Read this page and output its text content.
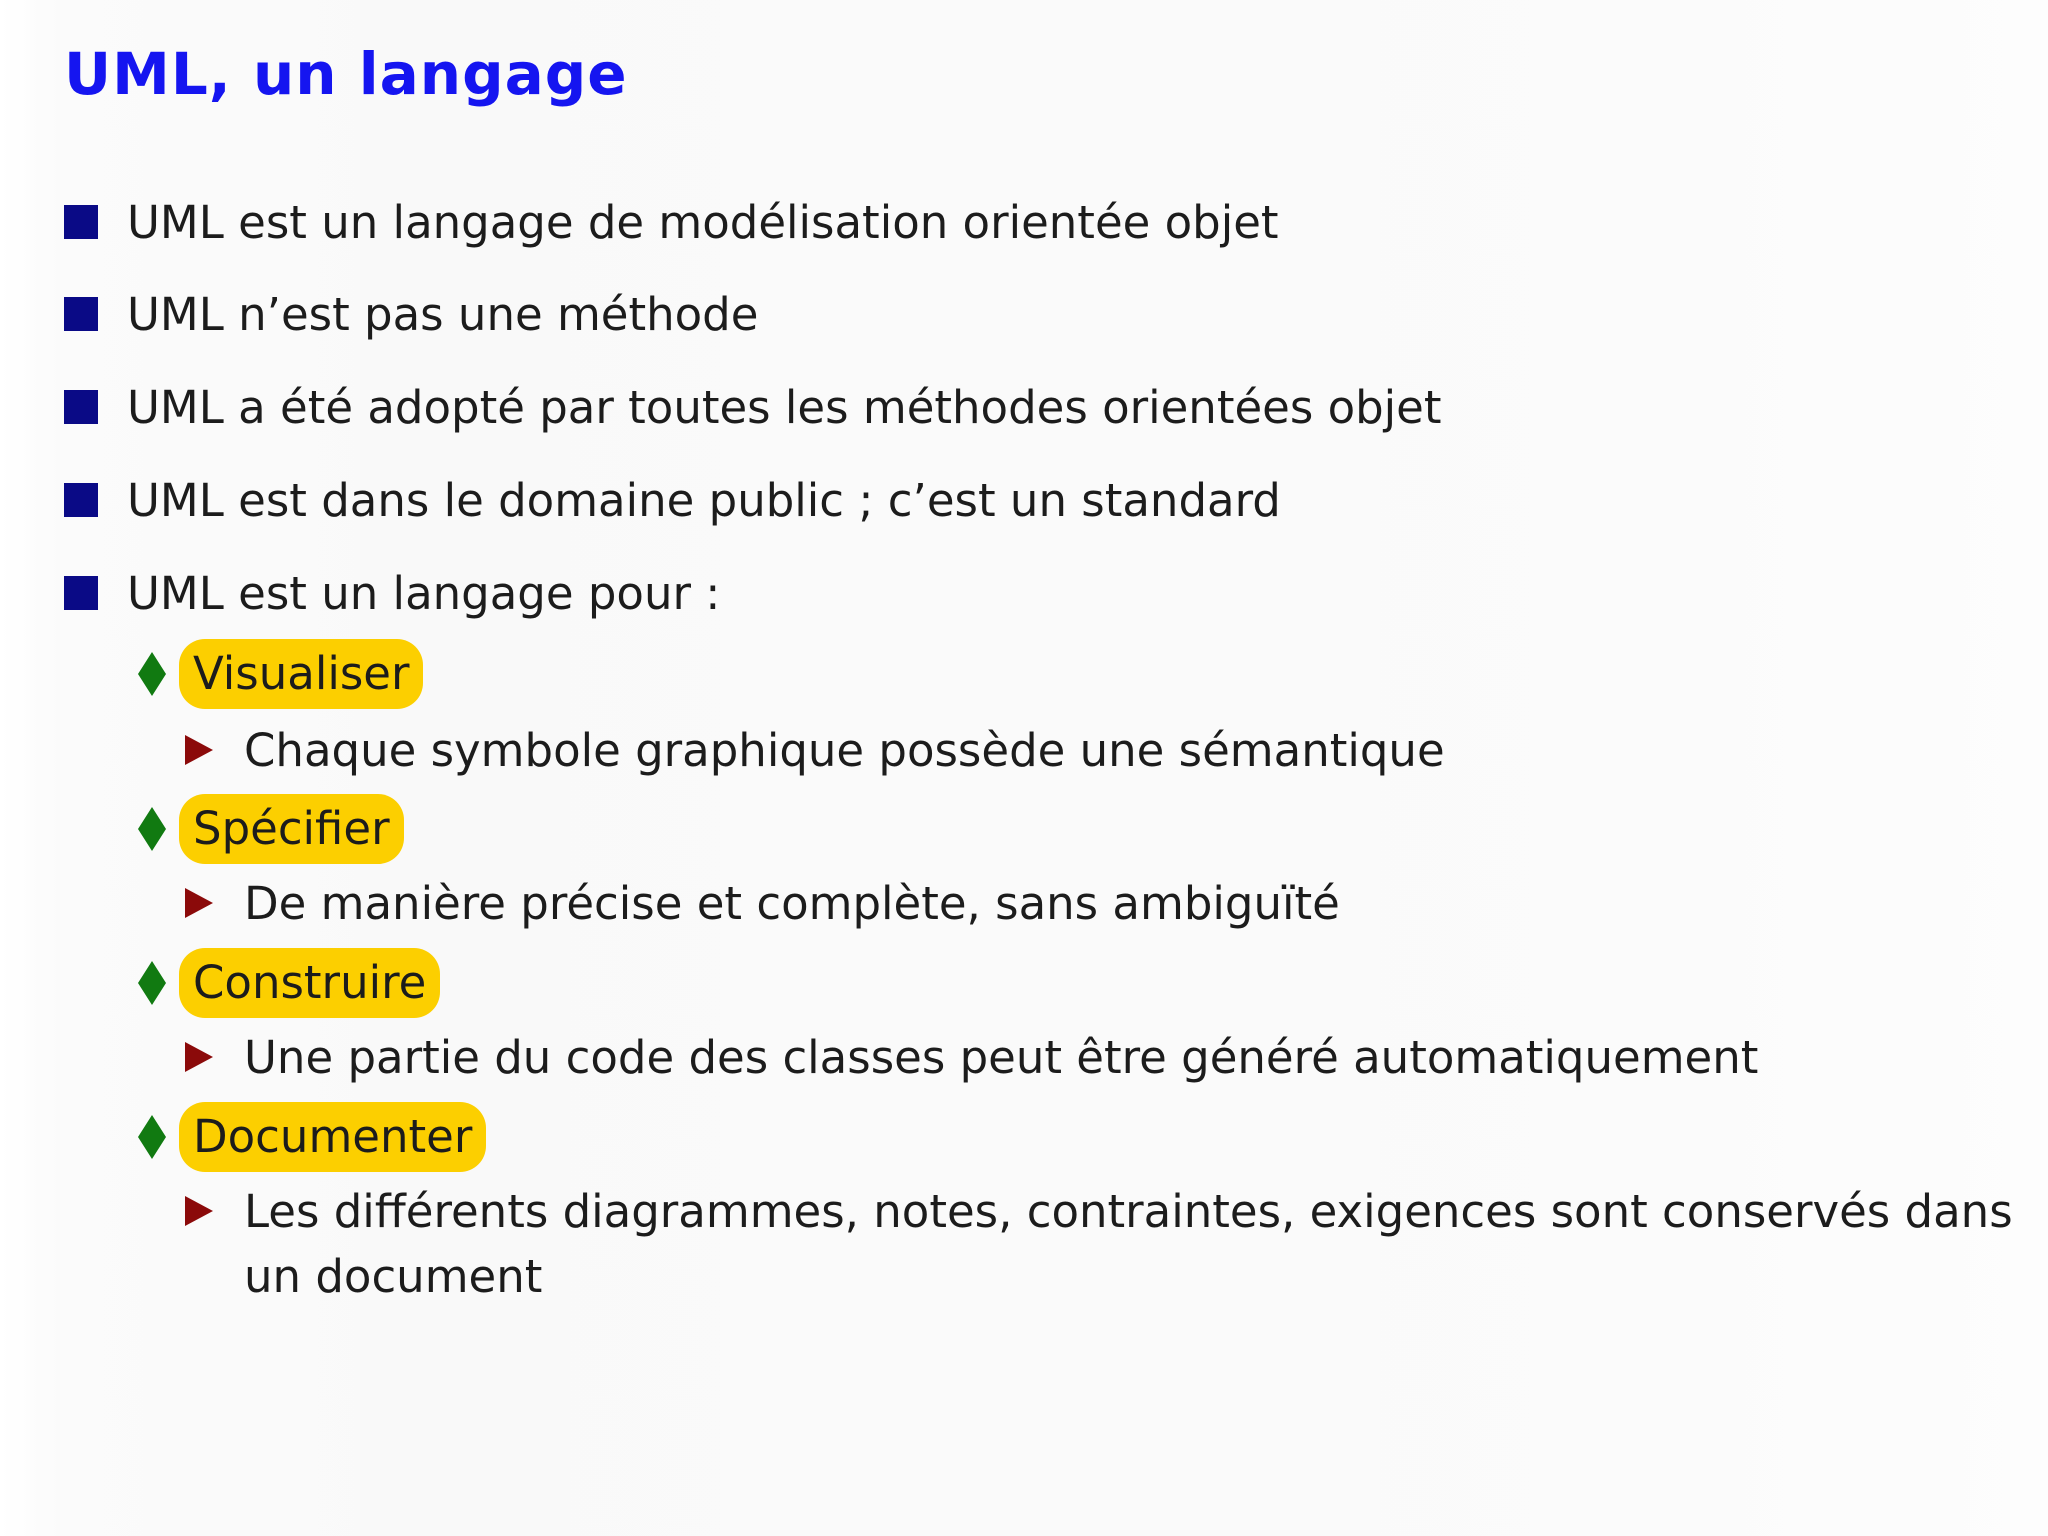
UML, un langage
UML est un langage de modélisation orientée objet
UML n’est pas une méthode
UML a été adopté par toutes les méthodes orientées objet
UML est dans le domaine public ; c’est un standard
UML est un langage pour :
Visualiser
Chaque symbole graphique possède une sémantique
Spécifier
De manière précise et complète, sans ambiguïté
Construire
Une partie du code des classes peut être généré automatiquement
Documenter
Les différents diagrammes, notes, contraintes, exigences sont conservés dans
un document
